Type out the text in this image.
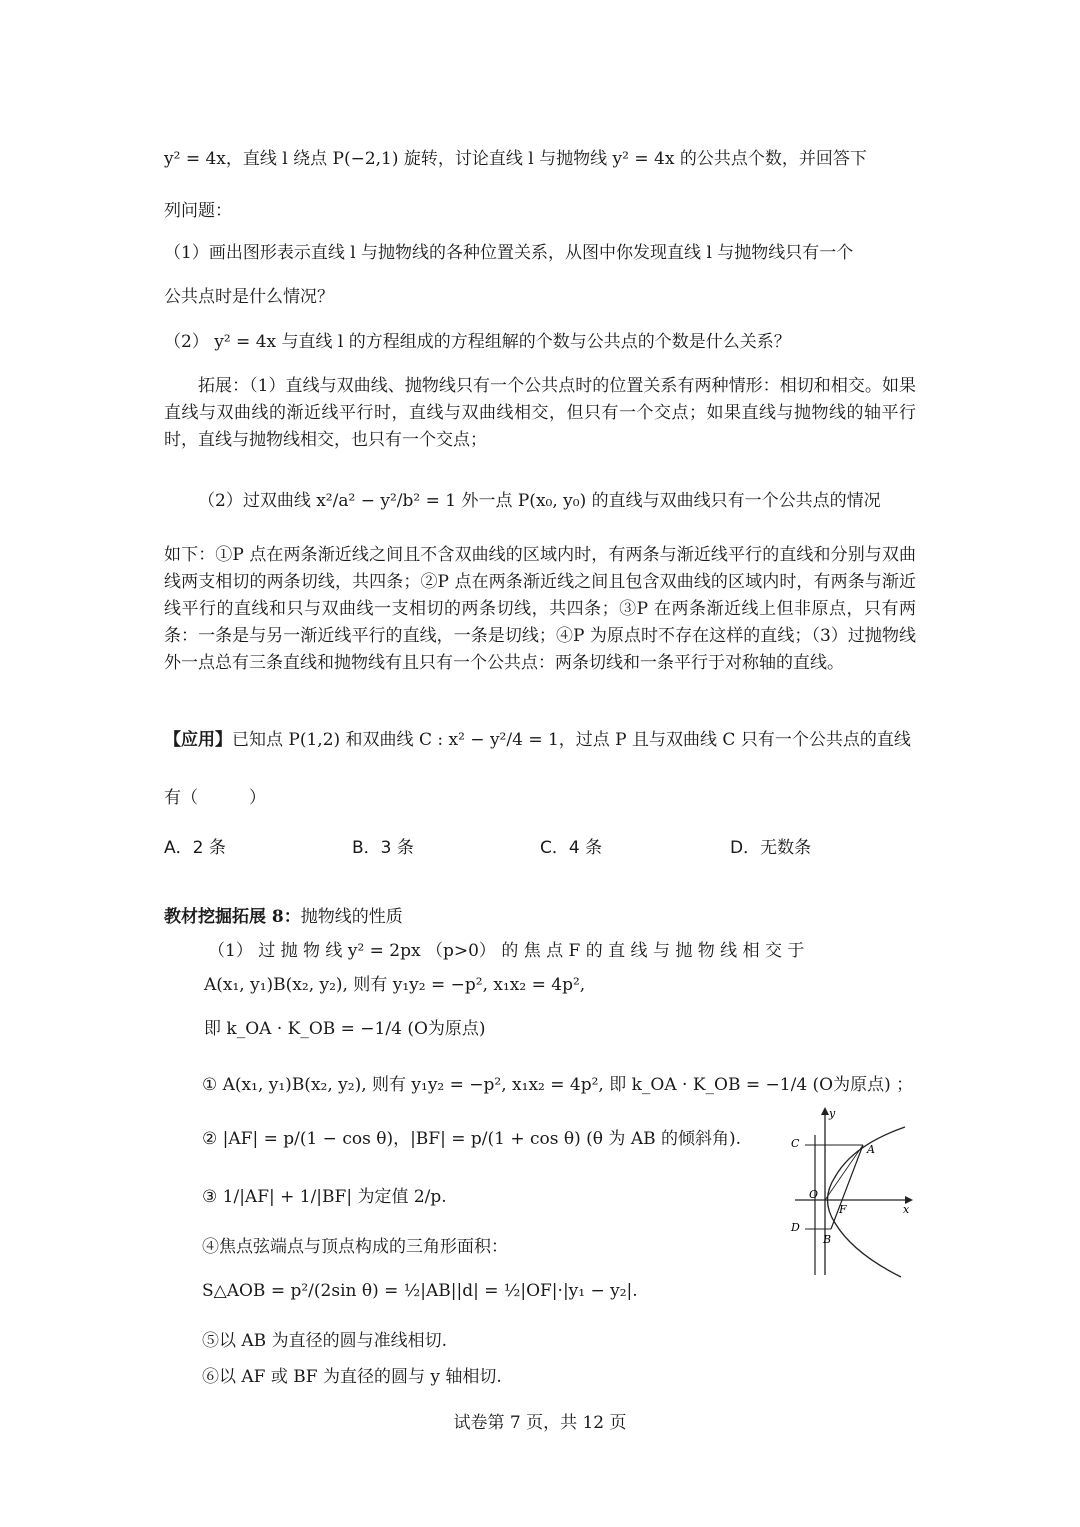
y² = 4x，直线 l 绕点 P(−2,1) 旋转，讨论直线 l 与抛物线 y² = 4x 的公共点个数，并回答下
列问题：
（1）画出图形表示直线 l 与抛物线的各种位置关系，从图中你发现直线 l 与抛物线只有一个
公共点时是什么情况？
（2） y² = 4x 与直线 l 的方程组成的方程组解的个数与公共点的个数是什么关系？
拓展：（1）直线与双曲线、抛物线只有一个公共点时的位置关系有两种情形：相切和相交。如果直线与双曲线的渐近线平行时，直线与双曲线相交，但只有一个交点；如果直线与抛物线的轴平行时，直线与抛物线相交，也只有一个交点；
（2）过双曲线 x²/a² − y²/b² = 1 外一点 P(x₀, y₀) 的直线与双曲线只有一个公共点的情况
如下：①P 点在两条渐近线之间且不含双曲线的区域内时，有两条与渐近线平行的直线和分别与双曲线两支相切的两条切线，共四条；②P 点在两条渐近线之间且包含双曲线的区域内时，有两条与渐近线平行的直线和只与双曲线一支相切的两条切线，共四条；③P 在两条渐近线上但非原点，只有两条：一条是与另一渐近线平行的直线，一条是切线；④P 为原点时不存在这样的直线；（3）过抛物线外一点总有三条直线和抛物线有且只有一个公共点：两条切线和一条平行于对称轴的直线。
【应用】已知点 P(1,2) 和双曲线 C : x² − y²/4 = 1，过点 P 且与双曲线 C 只有一个公共点的直线
有（　　　）
A．2 条	B．3 条	C．4 条	D．无数条
教材挖掘拓展 8：抛物线的性质
（1） 过 抛 物 线 y² = 2px （p>0） 的 焦 点 F 的 直 线 与 抛 物 线 相 交 于
A(x₁, y₁)B(x₂, y₂), 则有 y₁y₂ = −p², x₁x₂ = 4p²,
即 k_OA · K_OB = −1/4 (O为原点)
① A(x₁, y₁)B(x₂, y₂), 则有 y₁y₂ = −p², x₁x₂ = 4p², 即 k_OA · K_OB = −1/4 (O为原点) ；
② |AF| = p/(1 − cos θ)，|BF| = p/(1 + cos θ) (θ 为 AB 的倾斜角).
③ 1/|AF| + 1/|BF| 为定值 2/p.
④焦点弦端点与顶点构成的三角形面积：
S△AOB = p²/(2sin θ) = ½|AB||d| = ½|OF|·|y₁ − y₂|.
⑤以 AB 为直径的圆与准线相切.
⑥以 AF 或 BF 为直径的圆与 y 轴相切.
y
x
C	A
O
F
D
B
试卷第 7 页，共 12 页
